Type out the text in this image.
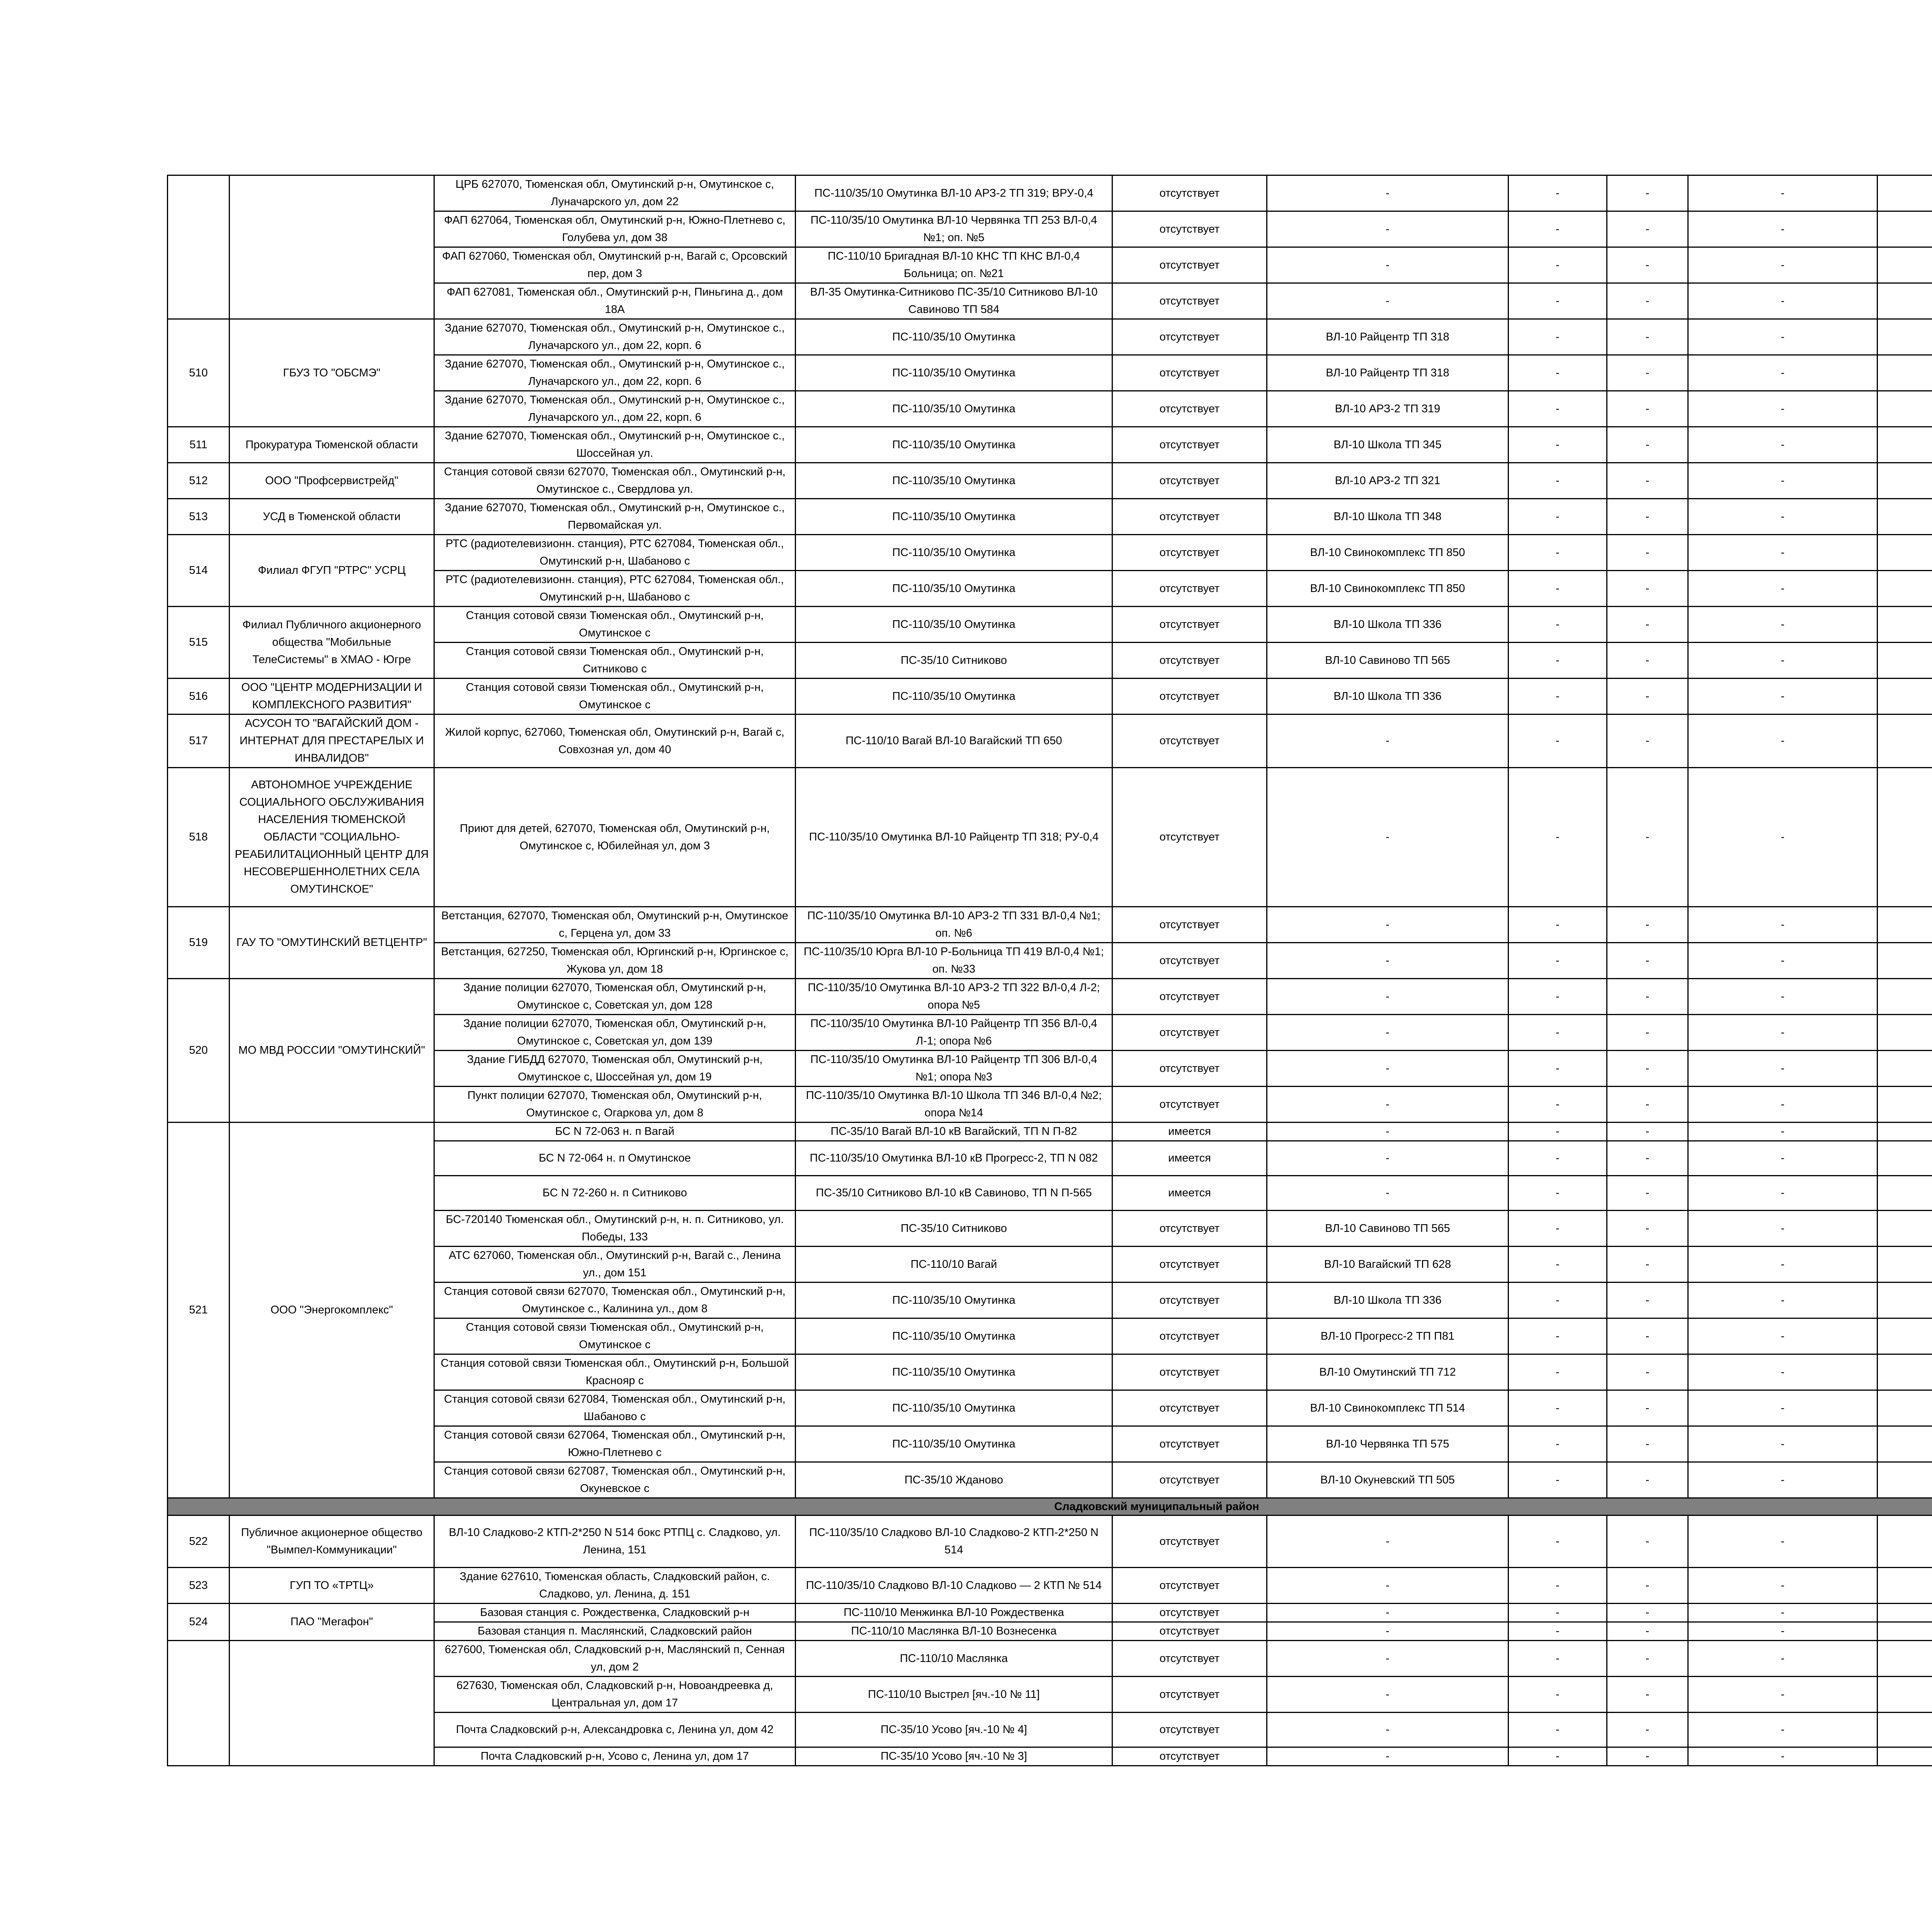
		ЦРБ 627070, Тюменская обл, Омутинский р-н, Омутинское с, Луначарского ул, дом 22	ПС-110/35/10 Омутинка ВЛ-10 АРЗ-2 ТП 319; ВРУ-0,4	отсутствует	-	-	-	-		
		ФАП 627064, Тюменская обл, Омутинский р-н, Южно-Плетнево с, Голубева ул, дом 38	ПС-110/35/10 Омутинка ВЛ-10 Червянка ТП 253 ВЛ-0,4 №1; оп. №5	отсутствует	-	-	-	-		
		ФАП 627060, Тюменская обл, Омутинский р-н, Вагай с, Орсовский пер, дом 3	ПС-110/10 Бригадная ВЛ-10 КНС ТП КНС ВЛ-0,4 Больница; оп. №21	отсутствует	-	-	-	-		
		ФАП 627081, Тюменская обл., Омутинский р-н, Пиньгина д., дом 18А	ВЛ-35 Омутинка-Ситниково ПС-35/10 Ситниково ВЛ-10 Савиново ТП 584	отсутствует	-	-	-	-		
510	ГБУЗ ТО "ОБСМЭ"	Здание 627070, Тюменская обл., Омутинский р-н, Омутинское с., Луначарского ул., дом 22, корп. 6	ПС-110/35/10 Омутинка	отсутствует	ВЛ-10 Райцентр ТП 318	-	-	-		
		Здание 627070, Тюменская обл., Омутинский р-н, Омутинское с., Луначарского ул., дом 22, корп. 6	ПС-110/35/10 Омутинка	отсутствует	ВЛ-10 Райцентр ТП 318	-	-	-		
		Здание 627070, Тюменская обл., Омутинский р-н, Омутинское с., Луначарского ул., дом 22, корп. 6	ПС-110/35/10 Омутинка	отсутствует	ВЛ-10 АРЗ-2 ТП 319	-	-	-		
511	Прокуратура Тюменской области	Здание 627070, Тюменская обл., Омутинский р-н, Омутинское с., Шоссейная ул.	ПС-110/35/10 Омутинка	отсутствует	ВЛ-10 Школа ТП 345	-	-	-		
512	ООО "Профсервистрейд"	Станция сотовой связи 627070, Тюменская обл., Омутинский р-н, Омутинское с., Свердлова ул.	ПС-110/35/10 Омутинка	отсутствует	ВЛ-10 АРЗ-2 ТП 321	-	-	-		
513	УСД в Тюменской области	Здание 627070, Тюменская обл., Омутинский р-н, Омутинское с., Первомайская ул.	ПС-110/35/10 Омутинка	отсутствует	ВЛ-10 Школа ТП 348	-	-	-		
514	Филиал ФГУП "РТРС" УСРЦ	РТС (радиотелевизионн. станция), РТС 627084, Тюменская обл., Омутинский р-н, Шабаново с	ПС-110/35/10 Омутинка	отсутствует	ВЛ-10 Свинокомплекс ТП 850	-	-	-		
		РТС (радиотелевизионн. станция), РТС 627084, Тюменская обл., Омутинский р-н, Шабаново с	ПС-110/35/10 Омутинка	отсутствует	ВЛ-10 Свинокомплекс ТП 850	-	-	-		
515	Филиал Публичного акционерного общества "Мобильные ТелеСистемы" в ХМАО - Югре	Станция сотовой связи Тюменская обл., Омутинский р-н, Омутинское с	ПС-110/35/10 Омутинка	отсутствует	ВЛ-10 Школа ТП 336	-	-	-		
		Станция сотовой связи Тюменская обл., Омутинский р-н, Ситниково с	ПС-35/10 Ситниково	отсутствует	ВЛ-10 Савиново ТП 565	-	-	-		
516	ООО "ЦЕНТР МОДЕРНИЗАЦИИ И КОМПЛЕКСНОГО РАЗВИТИЯ"	Станция сотовой связи Тюменская обл., Омутинский р-н, Омутинское с	ПС-110/35/10 Омутинка	отсутствует	ВЛ-10 Школа ТП 336	-	-	-		
517	АСУСОН ТО "ВАГАЙСКИЙ ДОМ - ИНТЕРНАТ ДЛЯ ПРЕСТАРЕЛЫХ И ИНВАЛИДОВ"	Жилой корпус, 627060, Тюменская обл, Омутинский р-н, Вагай с, Совхозная ул, дом 40	ПС-110/10 Вагай ВЛ-10 Вагайский ТП 650	отсутствует	-	-	-	-		
518	АВТОНОМНОЕ УЧРЕЖДЕНИЕ СОЦИАЛЬНОГО ОБСЛУЖИВАНИЯ НАСЕЛЕНИЯ ТЮМЕНСКОЙ ОБЛАСТИ "СОЦИАЛЬНО-РЕАБИЛИТАЦИОННЫЙ ЦЕНТР ДЛЯ НЕСОВЕРШЕННОЛЕТНИХ СЕЛА ОМУТИНСКОЕ"	Приют для детей, 627070, Тюменская обл, Омутинский р-н, Омутинское с, Юбилейная ул, дом 3	ПС-110/35/10 Омутинка ВЛ-10 Райцентр ТП 318; РУ-0,4	отсутствует	-	-	-	-		
519	ГАУ ТО "ОМУТИНСКИЙ ВЕТЦЕНТР"	Ветстанция, 627070, Тюменская обл, Омутинский р-н, Омутинское с, Герцена ул, дом 33	ПС-110/35/10 Омутинка ВЛ-10 АРЗ-2 ТП 331 ВЛ-0,4 №1; оп. №6	отсутствует	-	-	-	-		
		Ветстанция, 627250, Тюменская обл, Юргинский р-н, Юргинское с, Жукова ул, дом 18	ПС-110/35/10 Юрга ВЛ-10 Р-Больница ТП 419 ВЛ-0,4 №1; оп. №33	отсутствует	-	-	-	-		
520	МО МВД РОССИИ "ОМУТИНСКИЙ"	Здание полиции 627070, Тюменская обл, Омутинский р-н, Омутинское с, Советская ул, дом 128	ПС-110/35/10 Омутинка ВЛ-10 АРЗ-2 ТП 322 ВЛ-0,4 Л-2; опора №5	отсутствует	-	-	-	-		
		Здание полиции 627070, Тюменская обл, Омутинский р-н, Омутинское с, Советская ул, дом 139	ПС-110/35/10 Омутинка ВЛ-10 Райцентр ТП 356 ВЛ-0,4 Л-1; опора №6	отсутствует	-	-	-	-		
		Здание ГИБДД 627070, Тюменская обл, Омутинский р-н, Омутинское с, Шоссейная ул, дом 19	ПС-110/35/10 Омутинка ВЛ-10 Райцентр ТП 306 ВЛ-0,4 №1; опора №3	отсутствует	-	-	-	-		
		Пункт полиции 627070, Тюменская обл, Омутинский р-н, Омутинское с, Огаркова ул, дом 8	ПС-110/35/10 Омутинка ВЛ-10 Школа ТП 346 ВЛ-0,4 №2; опора №14	отсутствует	-	-	-	-		
521	ООО "Энергокомплекс"	БС N 72-063 н. п Вагай	ПС-35/10 Вагай ВЛ-10 кВ Вагайский, ТП N П-82	имеется	-	-	-	-		
		БС N 72-064 н. п Омутинское	ПС-110/35/10 Омутинка ВЛ-10 кВ Прогресс-2, ТП N 082	имеется	-	-	-	-		
		БС N 72-260 н. п Ситниково	ПС-35/10 Ситниково ВЛ-10 кВ Савиново, ТП N П-565	имеется	-	-	-	-		
		БС-720140 Тюменская обл., Омутинский р-н, н. п. Ситниково, ул. Победы, 133	ПС-35/10 Ситниково	отсутствует	ВЛ-10 Савиново ТП 565	-	-	-		
		АТС 627060, Тюменская обл., Омутинский р-н, Вагай с., Ленина ул., дом 151	ПС-110/10 Вагай	отсутствует	ВЛ-10 Вагайский ТП 628	-	-	-		
		Станция сотовой связи 627070, Тюменская обл., Омутинский р-н, Омутинское с., Калинина ул., дом 8	ПС-110/35/10 Омутинка	отсутствует	ВЛ-10 Школа ТП 336	-	-	-		
		Станция сотовой связи Тюменская обл., Омутинский р-н, Омутинское с	ПС-110/35/10 Омутинка	отсутствует	ВЛ-10 Прогресс-2 ТП П81	-	-	-		
		Станция сотовой связи Тюменская обл., Омутинский р-н, Большой Краснояр с	ПС-110/35/10 Омутинка	отсутствует	ВЛ-10 Омутинский ТП 712	-	-	-		
		Станция сотовой связи 627084, Тюменская обл., Омутинский р-н, Шабаново с	ПС-110/35/10 Омутинка	отсутствует	ВЛ-10 Свинокомплекс ТП 514	-	-	-		
		Станция сотовой связи 627064, Тюменская обл., Омутинский р-н, Южно-Плетнево с	ПС-110/35/10 Омутинка	отсутствует	ВЛ-10 Червянка ТП 575	-	-	-		
		Станция сотовой связи 627087, Тюменская обл., Омутинский р-н, Окуневское с	ПС-35/10 Жданово	отсутствует	ВЛ-10 Окуневский ТП 505	-	-	-		

Сладковский муниципальный район										

522	Публичное акционерное общество "Вымпел-Коммуникации"	ВЛ-10 Сладково-2 КТП-2*250 N 514 бокс РТПЦ с. Сладково, ул. Ленина, 151	ПС-110/35/10 Сладково ВЛ-10 Сладково-2 КТП-2*250 N 514	отсутствует	-	-	-	-		
523	ГУП ТО «ТРТЦ»	Здание 627610, Тюменская область, Сладковский район, с. Сладково, ул. Ленина, д. 151	ПС-110/35/10 Сладково ВЛ-10 Сладково — 2 КТП № 514	отсутствует	-	-	-	-		
524	ПАО "Мегафон"	Базовая станция с. Рождественка, Сладковский р-н	ПС-110/10 Менжинка ВЛ-10 Рождественка	отсутствует	-	-	-	-		
		Базовая станция п. Маслянский, Сладковский район	ПС-110/10 Маслянка ВЛ-10 Вознесенка	отсутствует	-	-	-	-		
		627600, Тюменская обл, Сладковский р-н, Маслянский п, Сенная ул, дом 2	ПС-110/10 Маслянка	отсутствует	-	-	-	-		
		627630, Тюменская обл, Сладковский р-н, Новоандреевка д, Центральная ул, дом 17	ПС-110/10 Выстрел [яч.-10 № 11]	отсутствует	-	-	-	-		
		Почта Сладковский р-н, Александровка с, Ленина ул, дом 42	ПС-35/10 Усово [яч.-10 № 4]	отсутствует	-	-	-	-		
		Почта Сладковский р-н, Усово с, Ленина ул, дом 17	ПС-35/10 Усово [яч.-10 № 3]	отсутствует	-	-	-	-		
